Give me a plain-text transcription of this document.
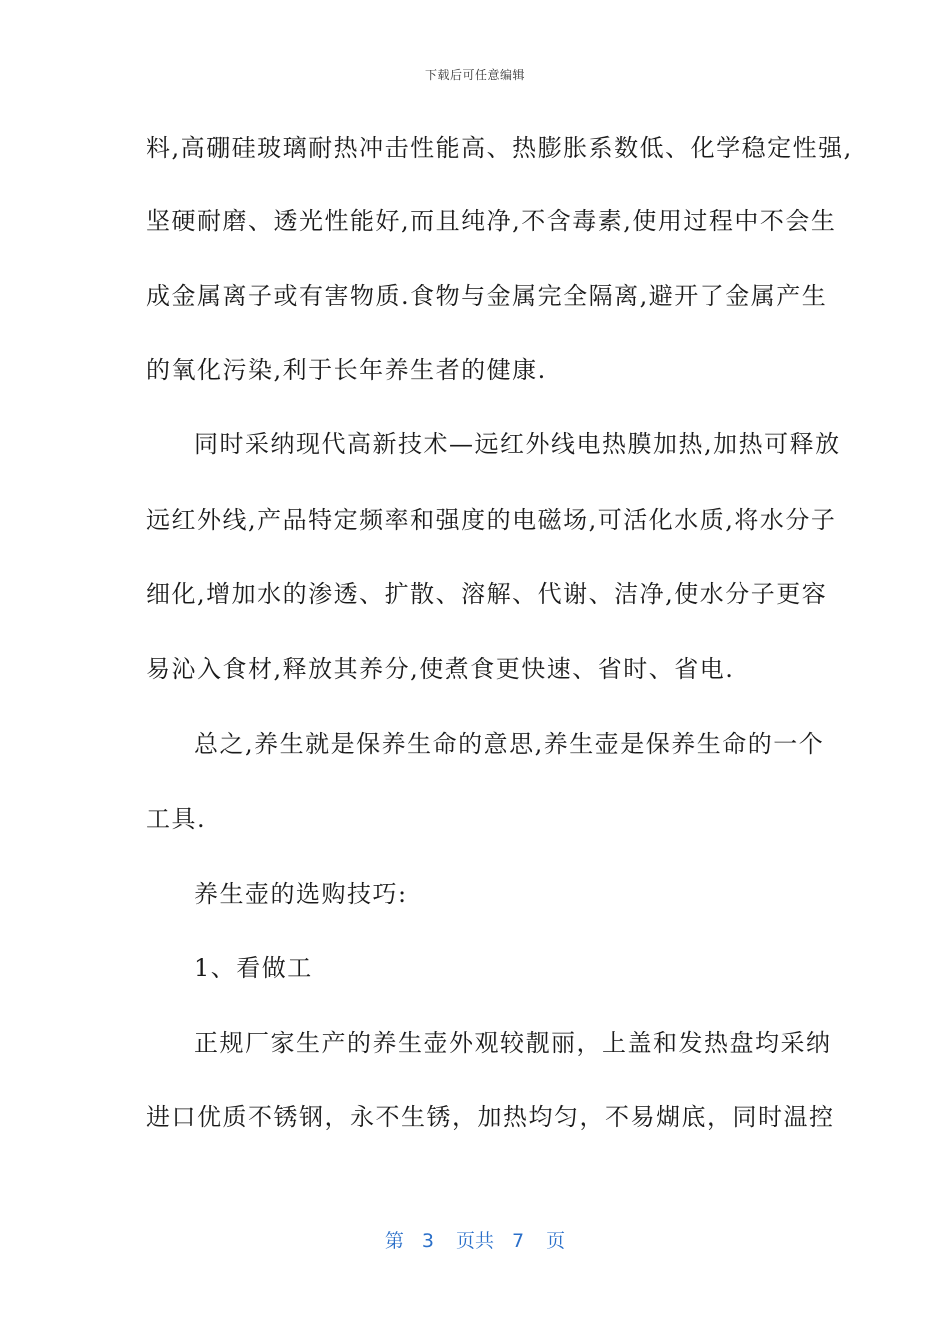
下载后可任意编辑
料,高硼硅玻璃耐热冲击性能高、热膨胀系数低、化学稳定性强,
坚硬耐磨、透光性能好,而且纯净,不含毒素,使用过程中不会生
成金属离子或有害物质.食物与金属完全隔离,避开了金属产生
的氧化污染,利于长年养生者的健康.
同时采纳现代高新技术—远红外线电热膜加热,加热可释放
远红外线,产品特定频率和强度的电磁场,可活化水质,将水分子
细化,增加水的渗透、扩散、溶解、代谢、洁净,使水分子更容
易沁入食材,释放其养分,使煮食更快速、省时、省电.
总之,养生就是保养生命的意思,养生壶是保养生命的一个
工具.
养生壶的选购技巧:
1、看做工
正规厂家生产的养生壶外观较靓丽，上盖和发热盘均采纳
进口优质不锈钢，永不生锈，加热均匀，不易煳底，同时温控
第 3 页共 7 页
